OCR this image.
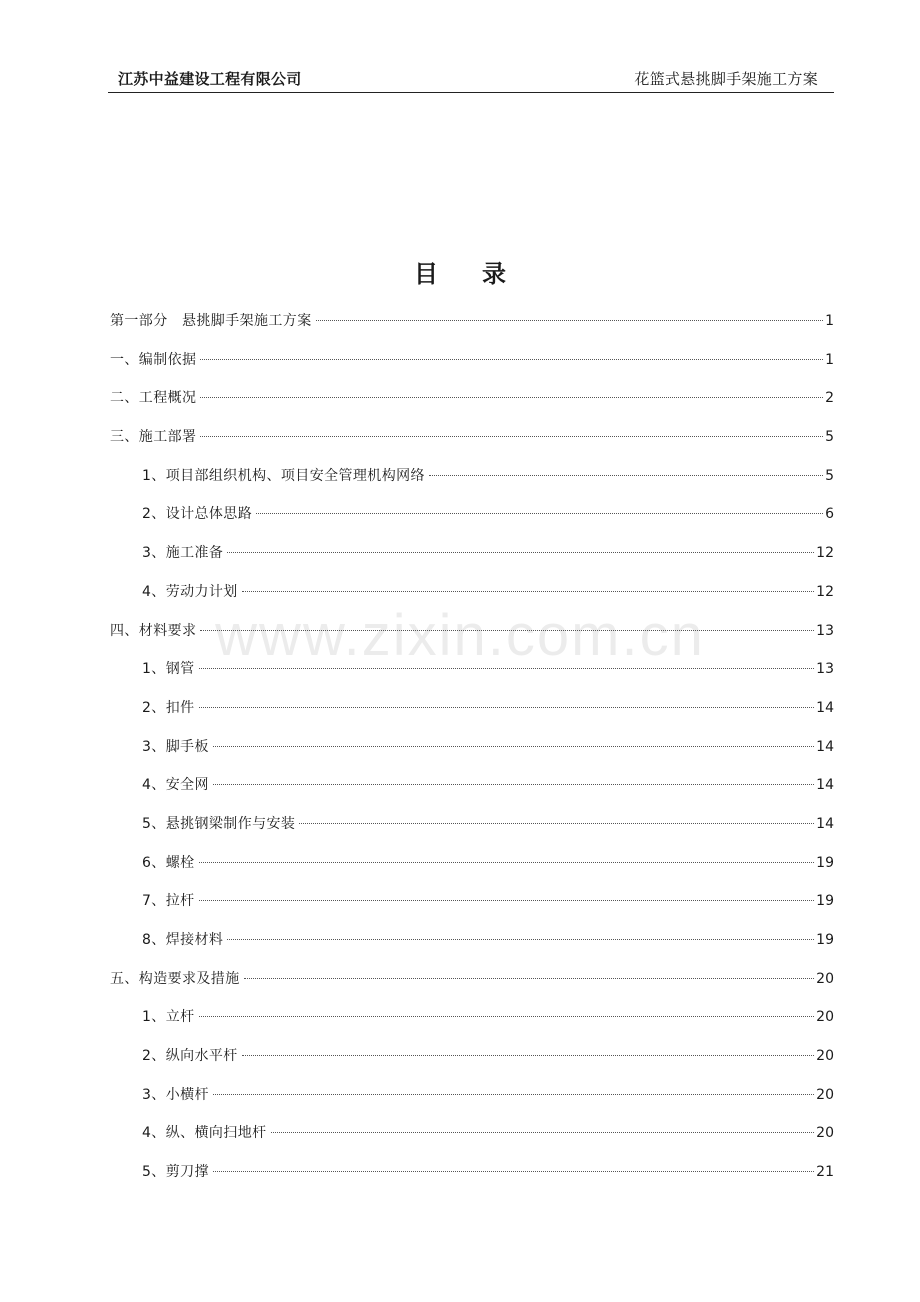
江苏中益建设工程有限公司	花篮式悬挑脚手架施工方案
目录
www.zixin.com.cn
第一部分　悬挑脚手架施工方案	1
一、编制依据	1
二、工程概况	2
三、施工部署	5
1、项目部组织机构、项目安全管理机构网络	5
2、设计总体思路	6
3、施工准备	12
4、劳动力计划	12
四、材料要求	13
1、钢管	13
2、扣件	14
3、脚手板	14
4、安全网	14
5、悬挑钢梁制作与安装	14
6、螺栓	19
7、拉杆	19
8、焊接材料	19
五、构造要求及措施	20
1、立杆	20
2、纵向水平杆	20
3、小横杆	20
4、纵、横向扫地杆	20
5、剪刀撑	21
